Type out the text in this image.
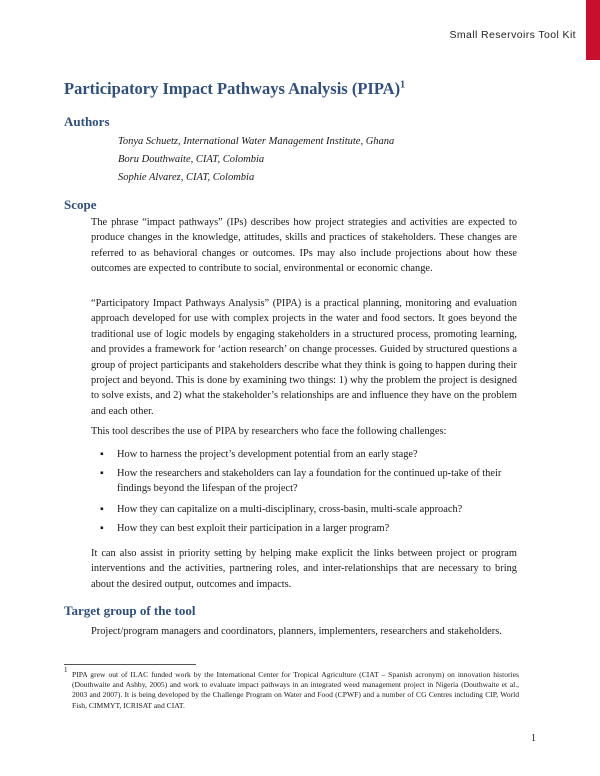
Small Reservoirs Tool Kit
Participatory Impact Pathways Analysis (PIPA)$^1$
Authors
Tonya Schuetz, International Water Management Institute, Ghana
Boru Douthwaite, CIAT, Colombia
Sophie Alvarez, CIAT, Colombia
Scope

The phrase “impact pathways” (IPs) describes how project strategies and activities are expected to produce changes in the knowledge, attitudes, skills and practices of stakeholders. These changes are referred to as behavioral changes or outcomes. IPs may also include projections about how these outcomes are expected to contribute to social, environmental or economic change.

“Participatory Impact Pathways Analysis” (PIPA) is a practical planning, monitoring and evaluation approach developed for use with complex projects in the water and food sectors. It goes beyond the traditional use of logic models by engaging stakeholders in a structured process, promoting learning, and provides a framework for ‘action research’ on change processes. Guided by structured questions a group of project participants and stakeholders describe what they think is going to happen during their project and beyond. This is done by examining two things: 1) why the problem the project is designed to solve exists, and 2) what the stakeholder’s relationships are and influence they have on the problem and each other.

This tool describes the use of PIPA by researchers who face the following challenges:

▪ How to harness the project’s development potential from an early stage?
▪ How the researchers and stakeholders can lay a foundation for the continued up-take of their findings beyond the lifespan of the project?
▪ How they can capitalize on a multi-disciplinary, cross-basin, multi-scale approach?
▪ How they can best exploit their participation in a larger program?

It can also assist in priority setting by helping make explicit the links between project or program interventions and the activities, partnering roles, and inter-relationships that are necessary to bring about the desired output, outcomes and impacts.

Target group of the tool

Project/program managers and coordinators, planners, implementers, researchers and stakeholders.

1 PIPA grew out of ILAC funded work by the International Center for Tropical Agriculture (CIAT – Spanish acronym) on innovation histories (Douthwaite and Ashby, 2005) and work to evaluate impact pathways in an integrated weed management project in Nigeria (Douthwaite et al., 2003 and 2007). It is being developed by the Challenge Program on Water and Food (CPWF) and a number of CG Centres including CIP, World Fish, CIMMYT, ICRISAT and CIAT.
1
